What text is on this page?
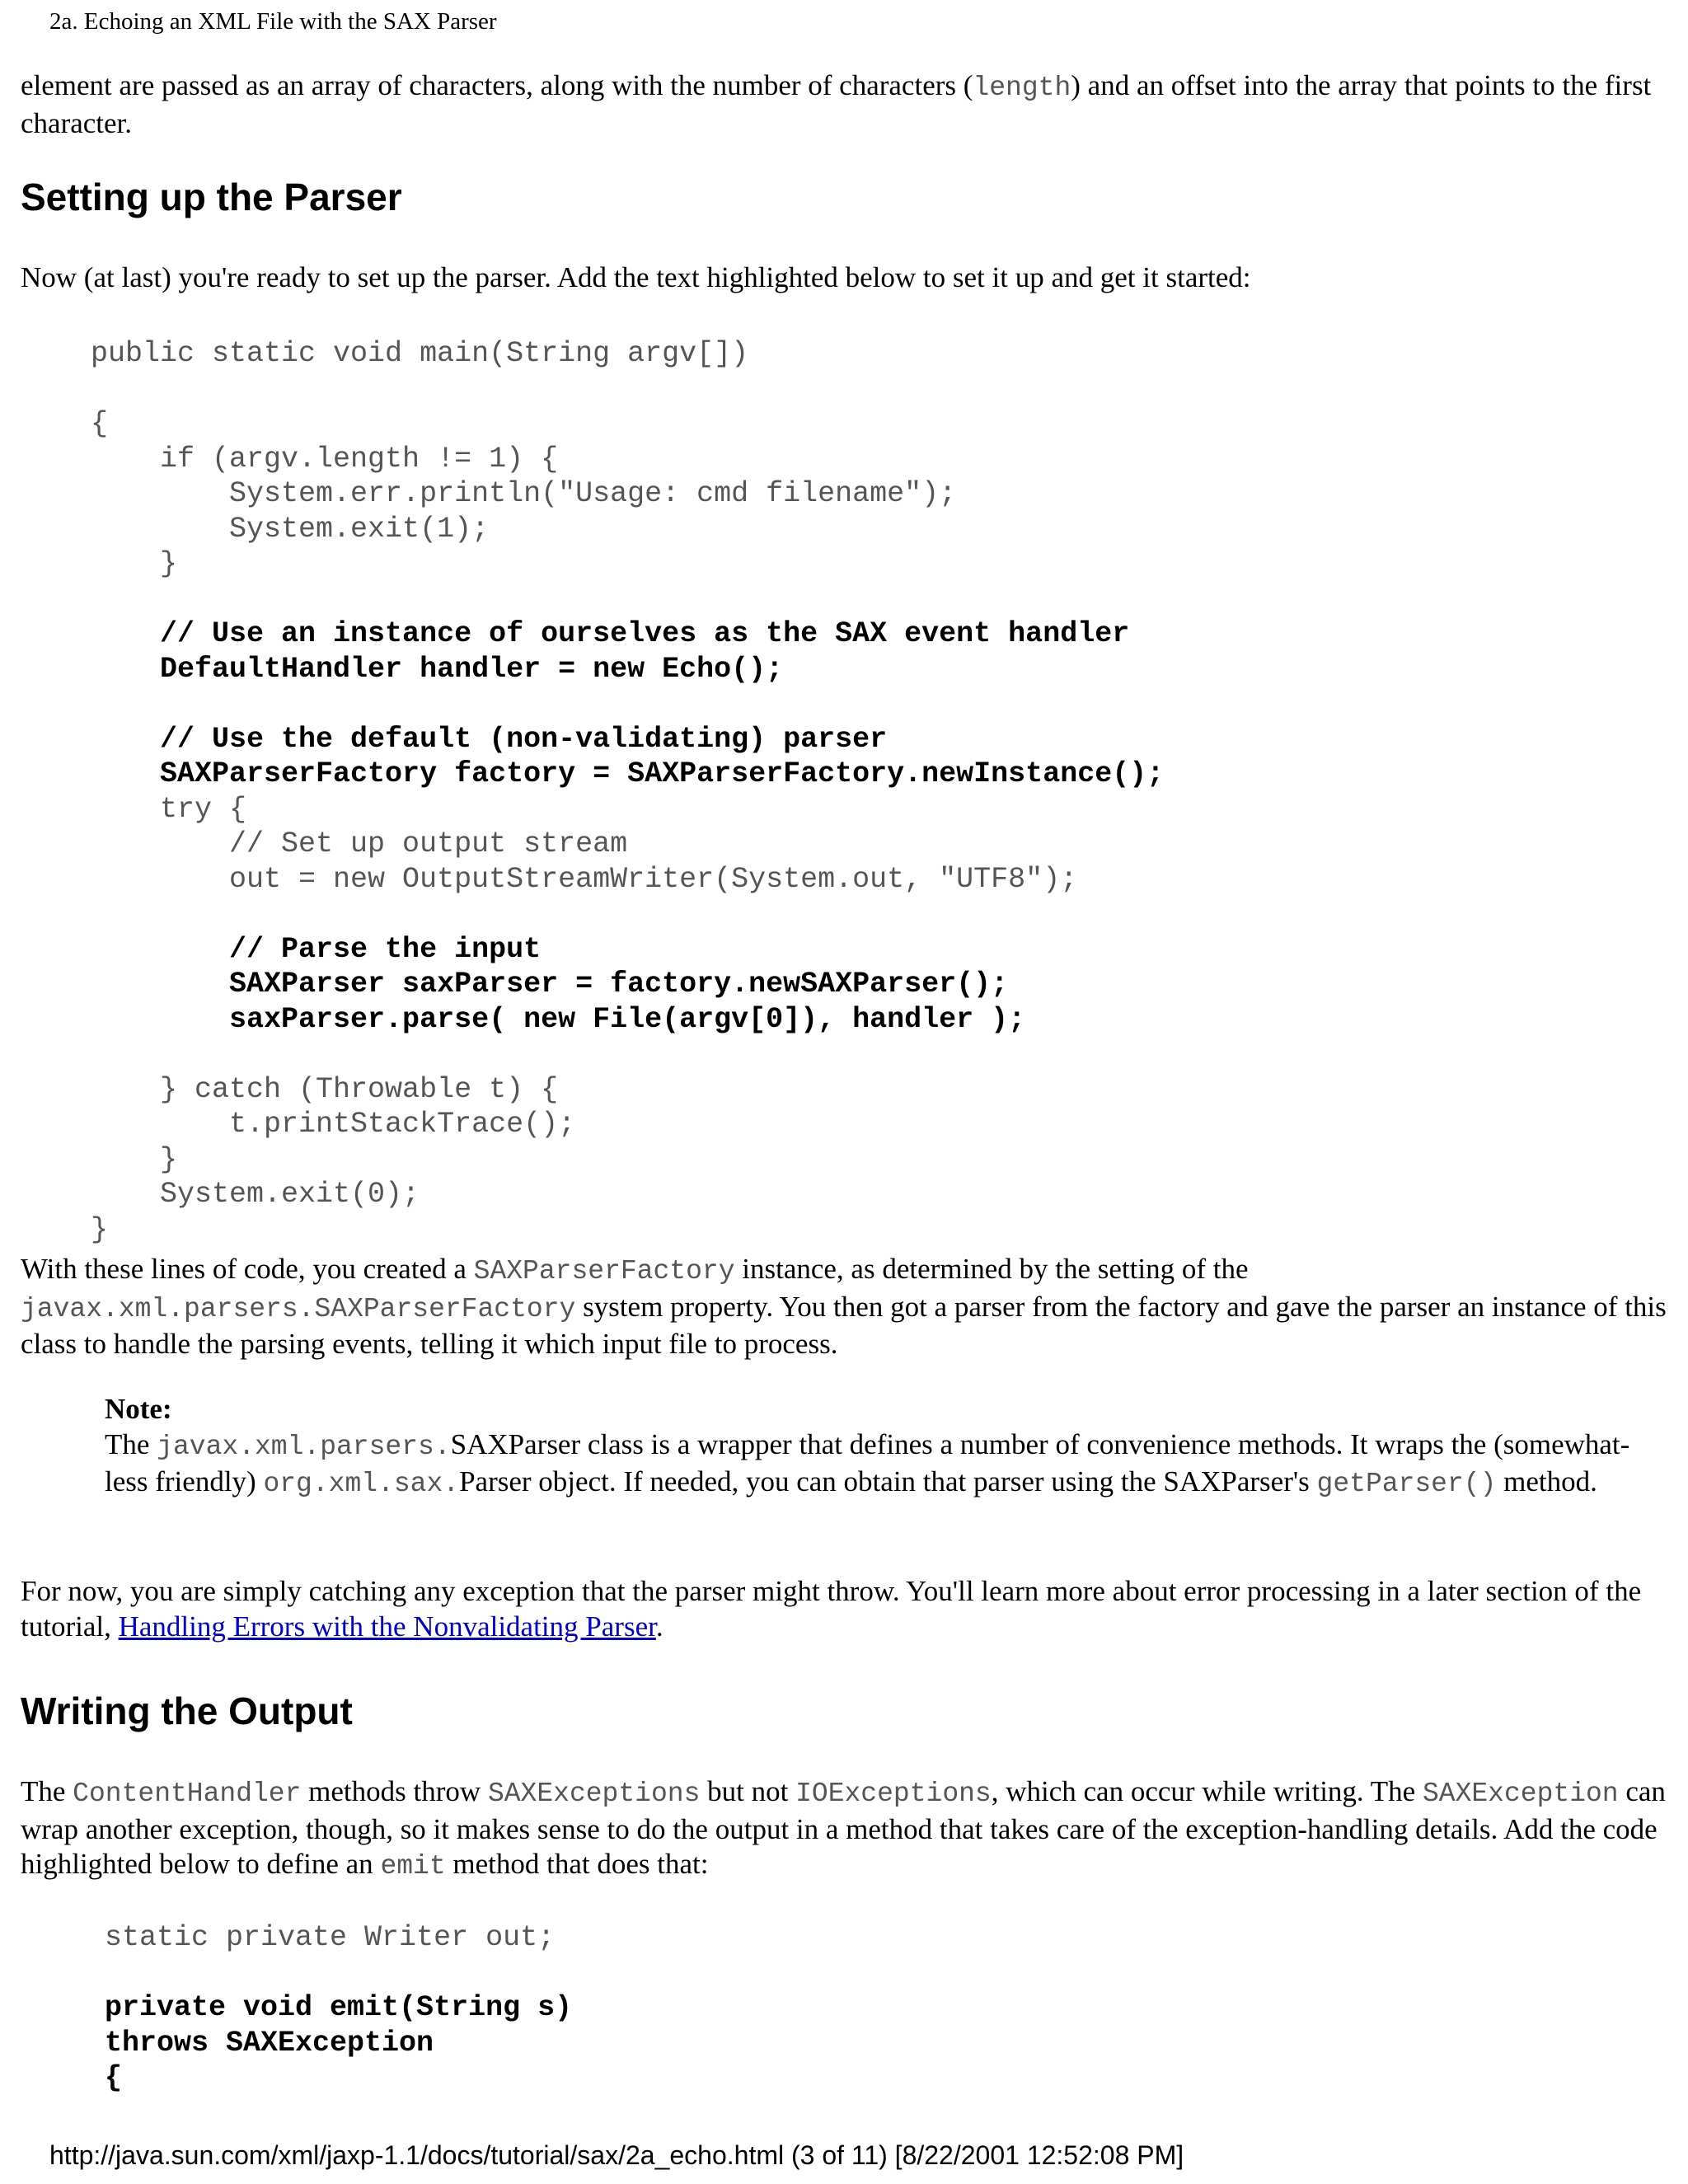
2a. Echoing an XML File with the SAX Parser

element are passed as an array of characters, along with the number of characters (length) and an offset into the array that points to the first character.

Setting up the Parser

Now (at last) you're ready to set up the parser. Add the text highlighted below to set it up and get it started:

public static void main(String argv[])

{
if (argv.length != 1) {
System.err.println("Usage: cmd filename");
System.exit(1);
}

// Use an instance of ourselves as the SAX event handler
DefaultHandler handler = new Echo();

// Use the default (non-validating) parser
SAXParserFactory factory = SAXParserFactory.newInstance();
try {
// Set up output stream
out = new OutputStreamWriter(System.out, "UTF8");

// Parse the input
SAXParser saxParser = factory.newSAXParser();
saxParser.parse( new File(argv[0]), handler );

} catch (Throwable t) {
t.printStackTrace();
}
System.exit(0);
}

With these lines of code, you created a SAXParserFactory instance, as determined by the setting of the javax.xml.parsers.SAXParserFactory system property. You then got a parser from the factory and gave the parser an instance of this class to handle the parsing events, telling it which input file to process.

Note:
The javax.xml.parsers.SAXParser class is a wrapper that defines a number of convenience methods. It wraps the (somewhat-less friendly) org.xml.sax.Parser object. If needed, you can obtain that parser using the SAXParser's getParser() method.

For now, you are simply catching any exception that the parser might throw. You'll learn more about error processing in a later section of the tutorial, Handling Errors with the Nonvalidating Parser.

Writing the Output

The ContentHandler methods throw SAXExceptions but not IOExceptions, which can occur while writing. The SAXException can wrap another exception, though, so it makes sense to do the output in a method that takes care of the exception-handling details. Add the code highlighted below to define an emit method that does that:

static private Writer out;

private void emit(String s)
throws SAXException
{
http://java.sun.com/xml/jaxp-1.1/docs/tutorial/sax/2a_echo.html (3 of 11) [8/22/2001 12:52:08 PM]
